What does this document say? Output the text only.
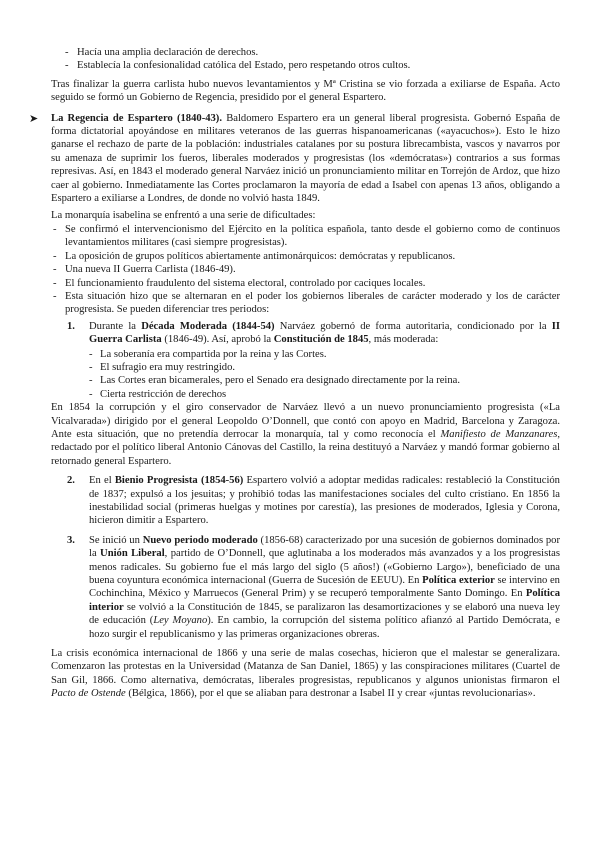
- Hacía una amplia declaración de derechos.
- Establecía la confesionalidad católica del Estado, pero respetando otros cultos.

Tras finalizar la guerra carlista hubo nuevos levantamientos y Mª Cristina se vio forzada a exiliarse de España. Acto seguido se formó un Gobierno de Regencia, presidido por el general Espartero.

➤ La Regencia de Espartero (1840-43). Baldomero Espartero era un general liberal progresista. Gobernó España de forma dictatorial apoyándose en militares veteranos de las guerras hispanoamericanas («ayacuchos»). Esto le hizo ganarse el rechazo de parte de la población: industriales catalanes por su postura librecambista, vascos y navarros por su amenaza de suprimir los fueros, liberales moderados y progresistas (los «demócratas») contrarios a sus formas represivas. Así, en 1843 el moderado general Narváez inició un pronunciamiento militar en Torrejón de Ardoz, que hizo caer al gobierno. Inmediatamente las Cortes proclamaron la mayoría de edad a Isabel con apenas 13 años, obligando a Espartero a exiliarse a Londres, de donde no volvió hasta 1849.

La monarquía isabelina se enfrentó a una serie de dificultades:

- Se confirmó el intervencionismo del Ejército en la política española, tanto desde el gobierno como de continuos levantamientos militares (casi siempre progresistas).
- La oposición de grupos políticos abiertamente antimonárquicos: demócratas y republicanos.
- Una nueva II Guerra Carlista (1846-49).
- El funcionamiento fraudulento del sistema electoral, controlado por caciques locales.
- Esta situación hizo que se alternaran en el poder los gobiernos liberales de carácter moderado y los de carácter progresista. Se pueden diferenciar tres periodos:
1. Durante la Década Moderada (1844-54) Narváez gobernó de forma autoritaria, condicionado por la II Guerra Carlista (1846-49). Así, aprobó la Constitución de 1845, más moderada:
- La soberanía era compartida por la reina y las Cortes.
- El sufragio era muy restringido.
- Las Cortes eran bicamerales, pero el Senado era designado directamente por la reina.
- Cierta restricción de derechos

En 1854 la corrupción y el giro conservador de Narváez llevó a un nuevo pronunciamiento progresista («La Vicalvarada») dirigido por el general Leopoldo O’Donnell, que contó con apoyo en Madrid, Barcelona y Zaragoza. Ante esta situación, que no pretendía derrocar la monarquía, tal y como reconocía el Manifiesto de Manzanares, redactado por el político liberal Antonio Cánovas del Castillo, la reina destituyó a Narváez y mandó formar gobierno al retornado general Espartero.

2. En el Bienio Progresista (1854-56) Espartero volvió a adoptar medidas radicales: restableció la Constitución de 1837; expulsó a los jesuitas; y prohibió todas las manifestaciones sociales del culto cristiano. En 1856 la inestabilidad social (primeras huelgas y motines por carestía), las presiones de moderados, Iglesia y Corona, hicieron dimitir a Espartero.
3. Se inició un Nuevo periodo moderado (1856-68) caracterizado por una sucesión de gobiernos dominados por la Unión Liberal, partido de O’Donnell, que aglutinaba a los moderados más avanzados y a los progresistas menos radicales. Su gobierno fue el más largo del siglo (5 años!) («Gobierno Largo»), beneficiado de una buena coyuntura económica internacional (Guerra de Sucesión de EEUU). En Política exterior se intervino en Cochinchina, México y Marruecos (General Prim) y se recuperó temporalmente Santo Domingo. En Política interior se volvió a la Constitución de 1845, se paralizaron las desamortizaciones y se elaboró una nueva ley de educación (Ley Moyano). En cambio, la corrupción del sistema político afianzó al Partido Demócrata, e hozo surgir el republicanismo y las primeras organizaciones obreras.

La crisis económica internacional de 1866 y una serie de malas cosechas, hicieron que el malestar se generalizara. Comenzaron las protestas en la Universidad (Matanza de San Daniel, 1865) y las conspiraciones militares (Cuartel de San Gil, 1866. Como alternativa, demócratas, liberales progresistas, republicanos y algunos unionistas firmaron el Pacto de Ostende (Bélgica, 1866), por el que se aliaban para destronar a Isabel II y crear «juntas revolucionarias».
